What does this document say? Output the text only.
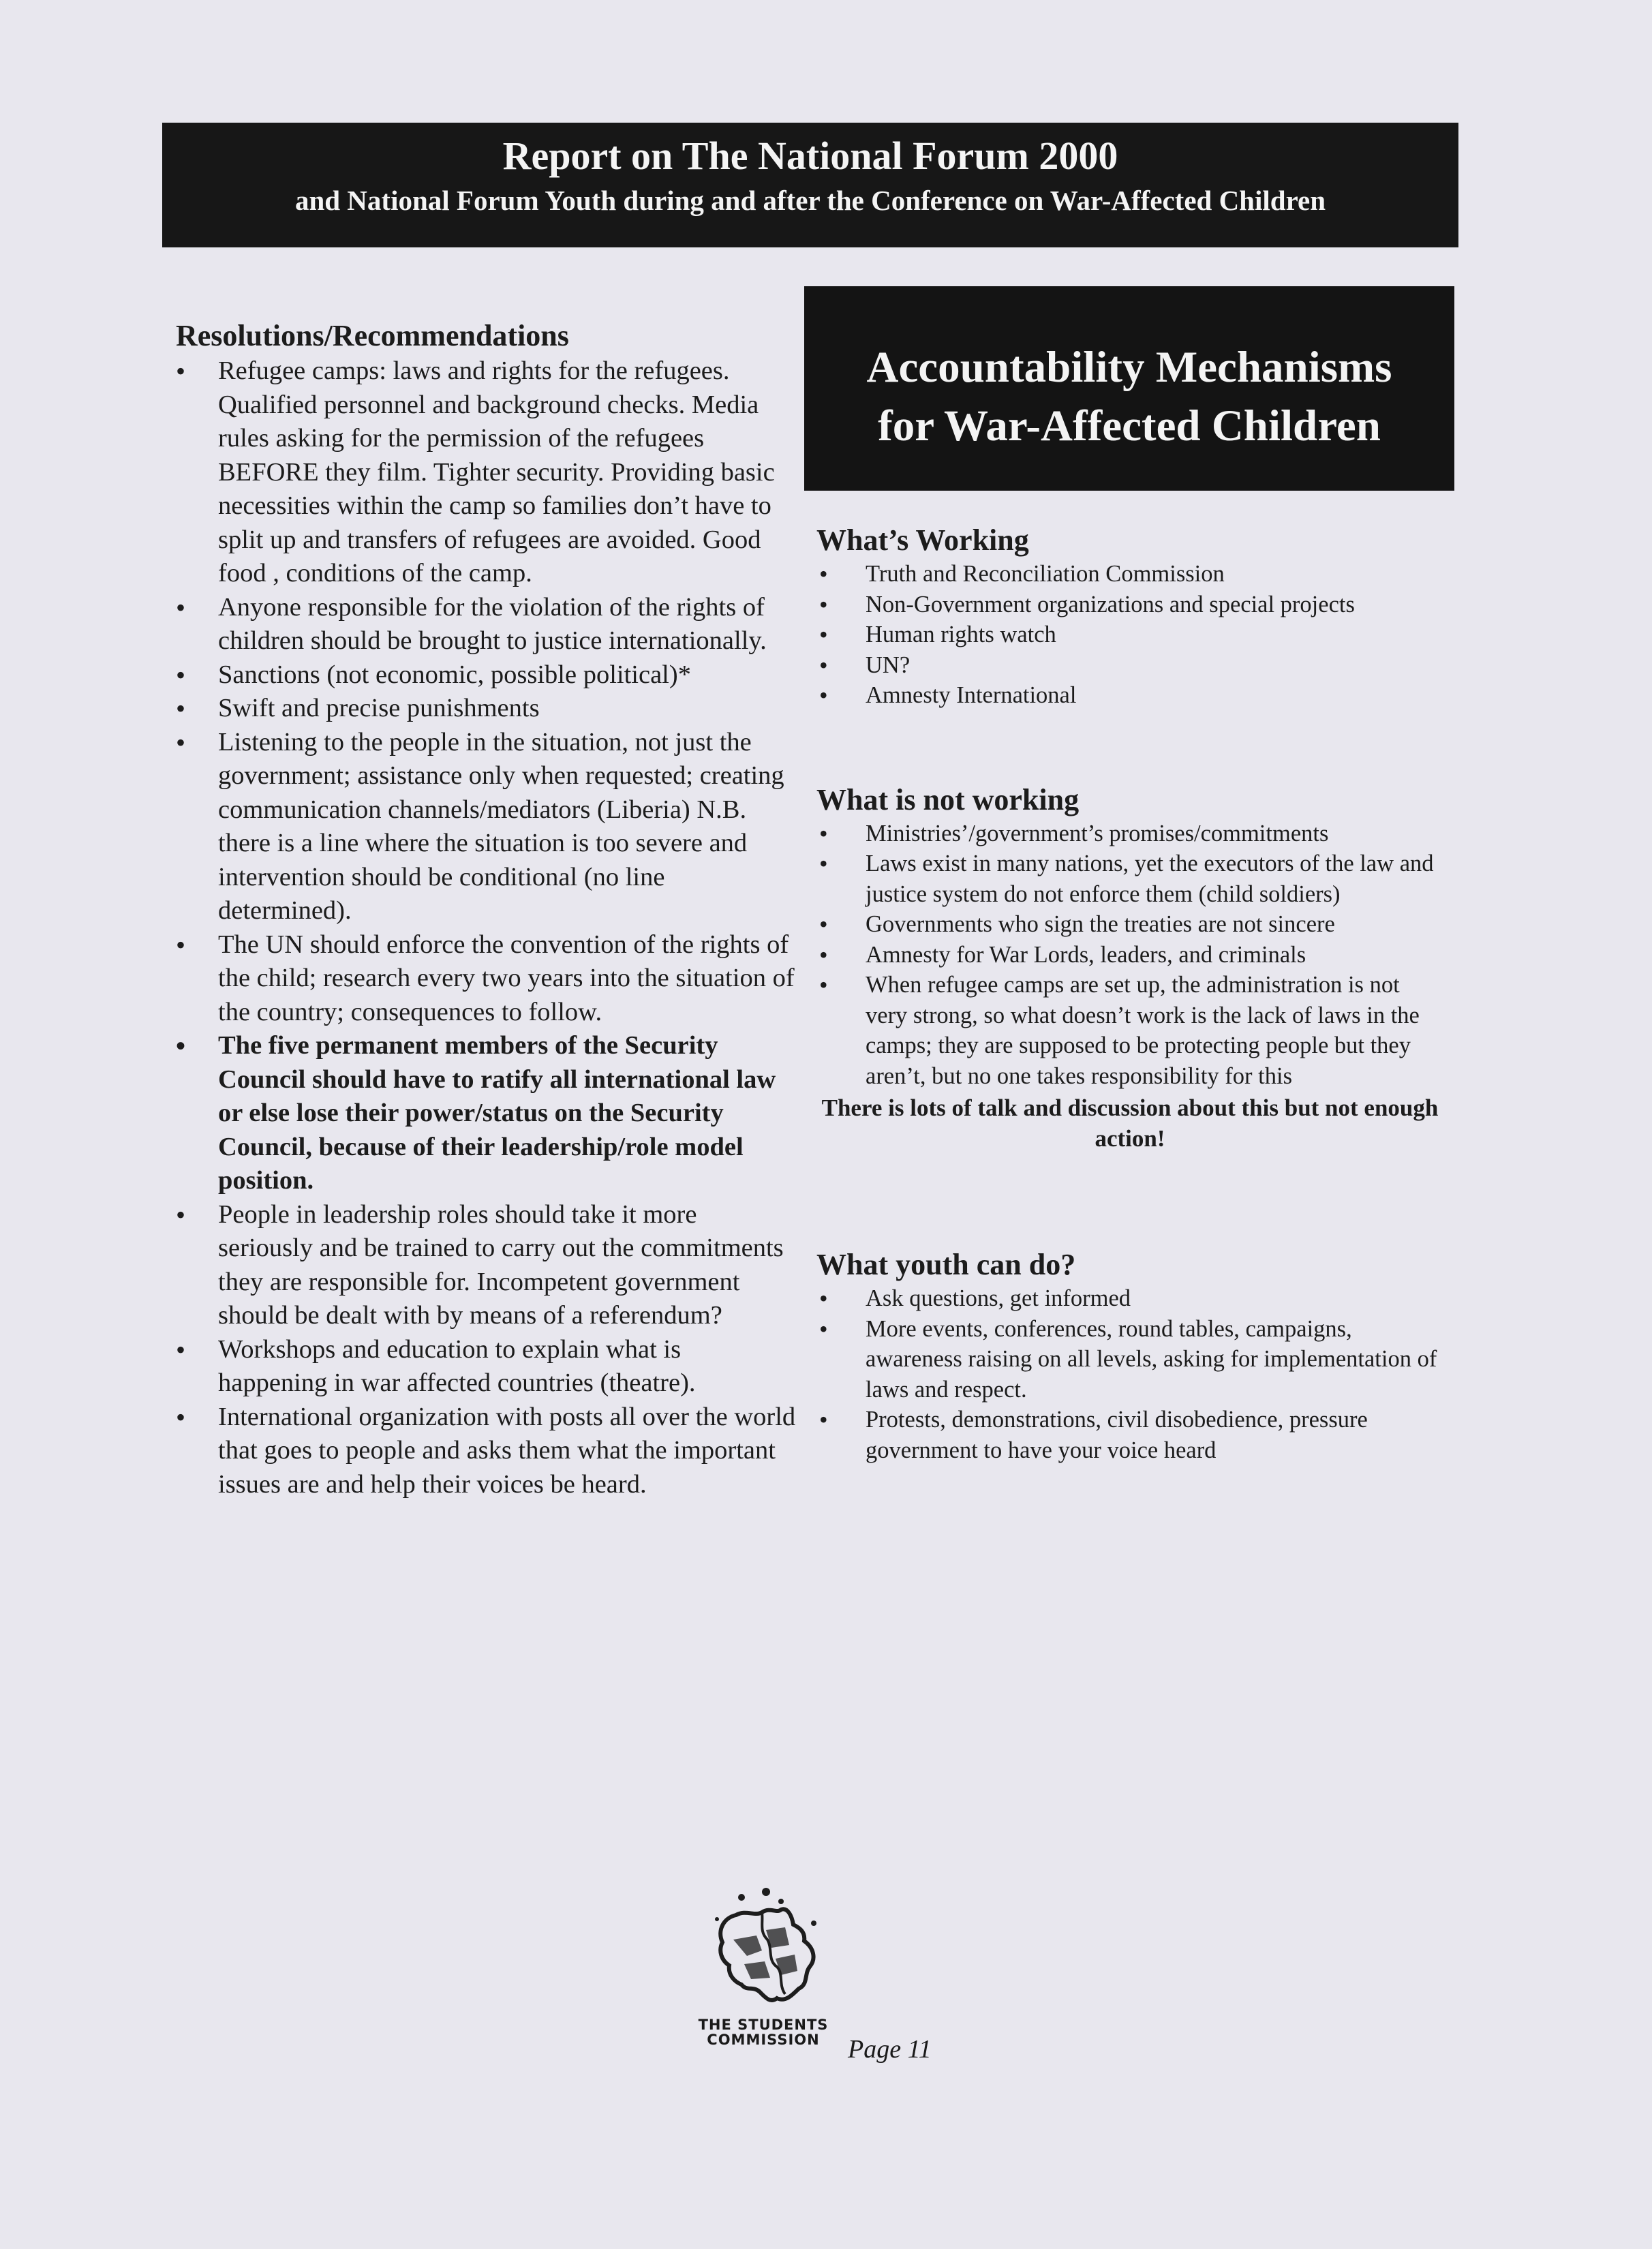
Report on The National Forum 2000
and National Forum Youth during and after the Conference on War-Affected Children
Accountability Mechanisms
for War-Affected Children
Resolutions/Recommendations
• Refugee camps: laws and rights for the refugees. Qualified personnel and background checks. Media rules asking for the permission of the refugees BEFORE they film. Tighter security. Providing basic necessities within the camp so families don’t have to split up and transfers of refugees are avoided. Good food , conditions of the camp.
• Anyone responsible for the violation of the rights of children should be brought to justice internationally.
• Sanctions (not economic, possible political)*
• Swift and precise punishments
• Listening to the people in the situation, not just the government; assistance only when requested; creating communication channels/mediators (Liberia) N.B. there is a line where the situation is too severe and intervention should be conditional (no line determined).
• The UN should enforce the convention of the rights of the child; research every two years into the situation of the country; consequences to follow.
• The five permanent members of the Security Council should have to ratify all international law or else lose their power/status on the Security Council, because of their leadership/role model position.
• People in leadership roles should take it more seriously and be trained to carry out the commitments they are responsible for. Incompetent government should be dealt with by means of a referendum?
• Workshops and education to explain what is happening in war affected countries (theatre).
• International organization with posts all over the world that goes to people and asks them what the important issues are and help their voices be heard.
What’s Working
• Truth and Reconciliation Commission
• Non-Government organizations and special projects
• Human rights watch
• UN?
• Amnesty International
What is not working
• Ministries’/government’s promises/commitments
• Laws exist in many nations, yet the executors of the law and justice system do not enforce them (child soldiers)
• Governments who sign the treaties are not sincere
• Amnesty for War Lords, leaders, and criminals
• When refugee camps are set up, the administration is not very strong, so what doesn’t work is the lack of laws in the camps; they are supposed to be protecting people but they aren’t, but no one takes responsibility for this

There is lots of talk and discussion about this but not enough action!

What youth can do?
• Ask questions, get informed
• More events, conferences, round tables, campaigns, awareness raising on all levels, asking for implementation of laws and respect.
• Protests, demonstrations, civil disobedience, pressure government to have your voice heard
THE STUDENTS
COMMISSION	Page 11
